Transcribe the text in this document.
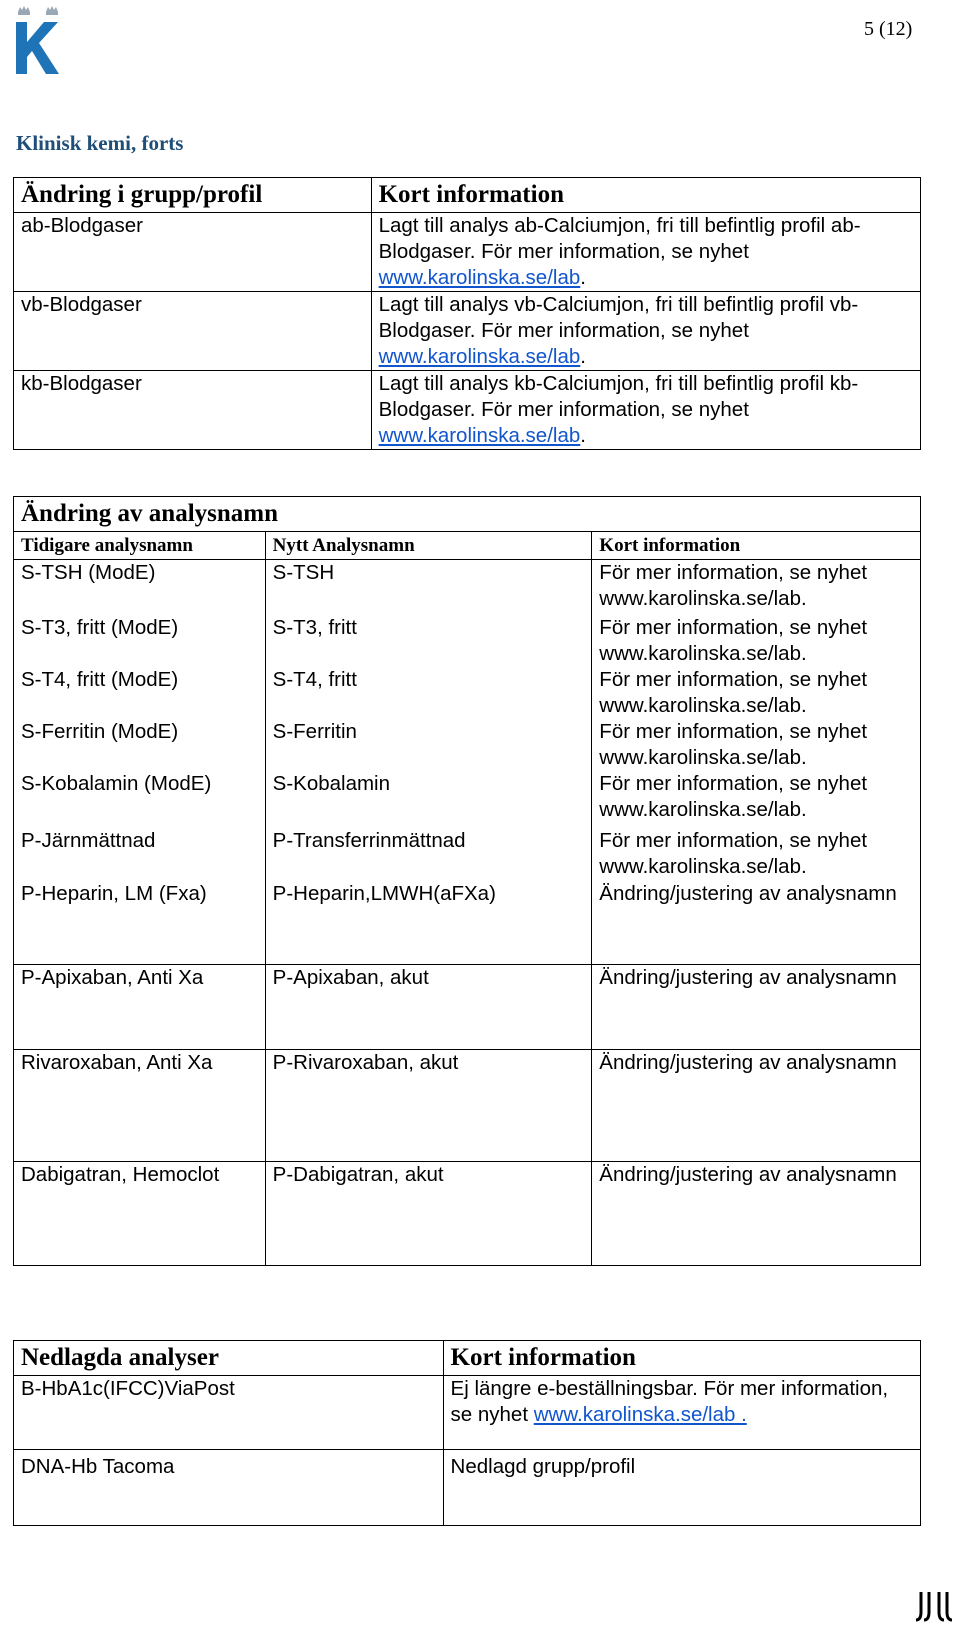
5 (12)
Klinisk kemi, forts
Ändring i grupp/profil	Kort information
ab-Blodgaser	Lagt till analys ab-Calciumjon, fri till befintlig profil ab-Blodgaser. För mer information, se nyhet
www.karolinska.se/lab.
vb-Blodgaser	Lagt till analys vb-Calciumjon, fri till befintlig profil vb-Blodgaser. För mer information, se nyhet
www.karolinska.se/lab.
kb-Blodgaser	Lagt till analys kb-Calciumjon, fri till befintlig profil kb-Blodgaser. För mer information, se nyhet
www.karolinska.se/lab.
Ändring av analysnamn		
Tidigare analysnamn	Nytt Analysnamn	Kort information
S-TSH (ModE)	S-TSH	För mer information, se nyhet www.karolinska.se/lab.
S-T3, fritt (ModE)	S-T3, fritt	För mer information, se nyhet www.karolinska.se/lab.
S-T4, fritt (ModE)	S-T4, fritt	För mer information, se nyhet www.karolinska.se/lab.
S-Ferritin (ModE)	S-Ferritin	För mer information, se nyhet www.karolinska.se/lab.
S-Kobalamin (ModE)	S-Kobalamin	För mer information, se nyhet www.karolinska.se/lab.
P-Järnmättnad	P-Transferrinmättnad	För mer information, se nyhet www.karolinska.se/lab.
P-Heparin, LM (Fxa)	P-Heparin,LMWH(aFXa)	Ändring/justering av analysnamn
P-Apixaban, Anti Xa	P-Apixaban, akut	Ändring/justering av analysnamn
Rivaroxaban, Anti Xa	P-Rivaroxaban, akut	Ändring/justering av analysnamn
Dabigatran, Hemoclot	P-Dabigatran, akut	Ändring/justering av analysnamn
Nedlagda analyser	Kort information
B-HbA1c(IFCC)ViaPost	Ej längre e-beställningsbar. För mer information, se nyhet www.karolinska.se/lab .
DNA-Hb Tacoma	Nedlagd grupp/profil
